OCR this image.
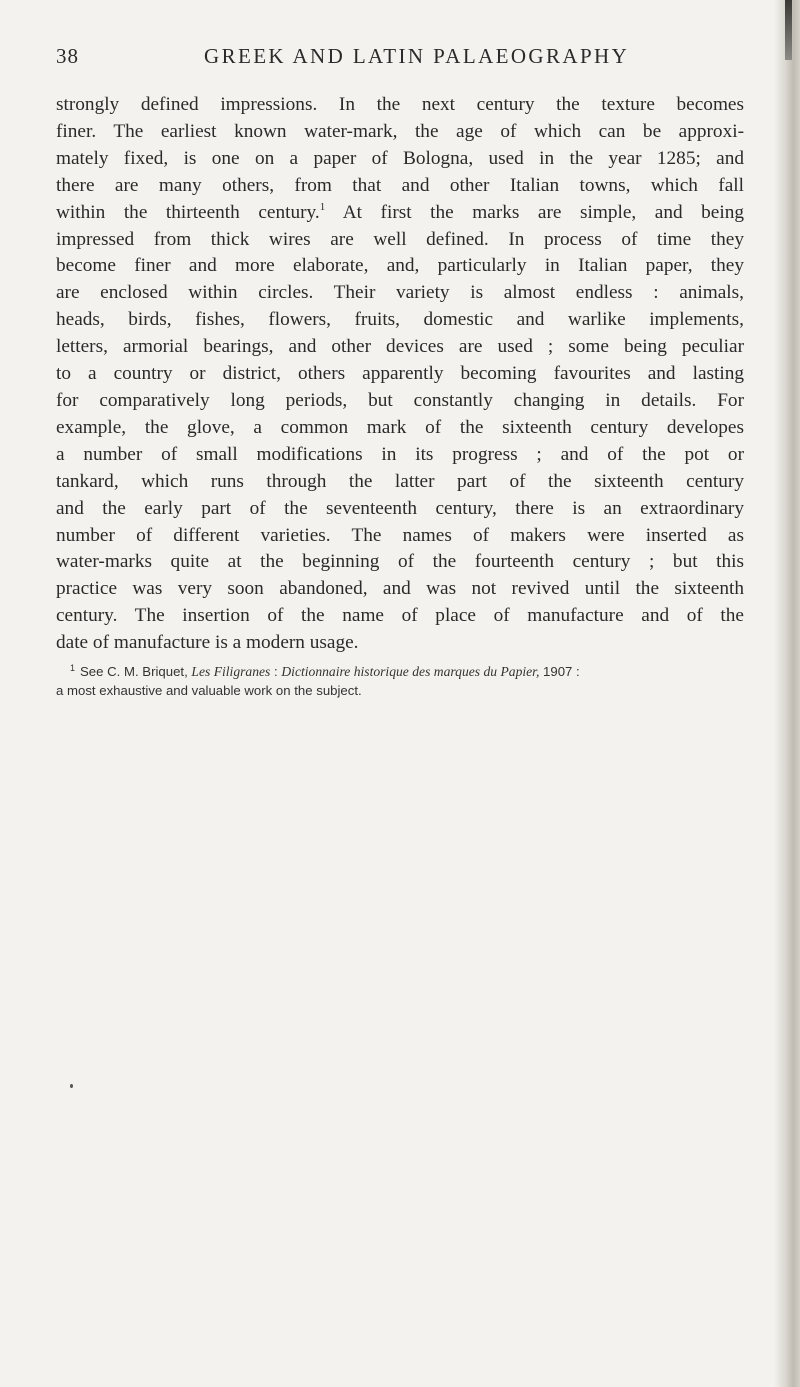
38	GREEK AND LATIN PALAEOGRAPHY
strongly defined impressions. In the next century the texture becomes
finer. The earliest known water-mark, the age of which can be approxi-
mately fixed, is one on a paper of Bologna, used in the year 1285; and
there are many others, from that and other Italian towns, which fall
within the thirteenth century.$^1$ At first the marks are simple, and being
impressed from thick wires are well defined. In process of time they
become finer and more elaborate, and, particularly in Italian paper, they
are enclosed within circles. Their variety is almost endless : animals,
heads, birds, fishes, flowers, fruits, domestic and warlike implements,
letters, armorial bearings, and other devices are used ; some being peculiar
to a country or district, others apparently becoming favourites and lasting
for comparatively long periods, but constantly changing in details. For
example, the glove, a common mark of the sixteenth century developes
a number of small modifications in its progress ; and of the pot or
tankard, which runs through the latter part of the sixteenth century
and the early part of the seventeenth century, there is an extraordinary
number of different varieties. The names of makers were inserted as
water-marks quite at the beginning of the fourteenth century ; but this
practice was very soon abandoned, and was not revived until the sixteenth
century. The insertion of the name of place of manufacture and of the
date of manufacture is a modern usage.
$^1$ See C. M. Briquet, Les Filigranes : Dictionnaire historique des marques du Papier, 1907 :
a most exhaustive and valuable work on the subject.
